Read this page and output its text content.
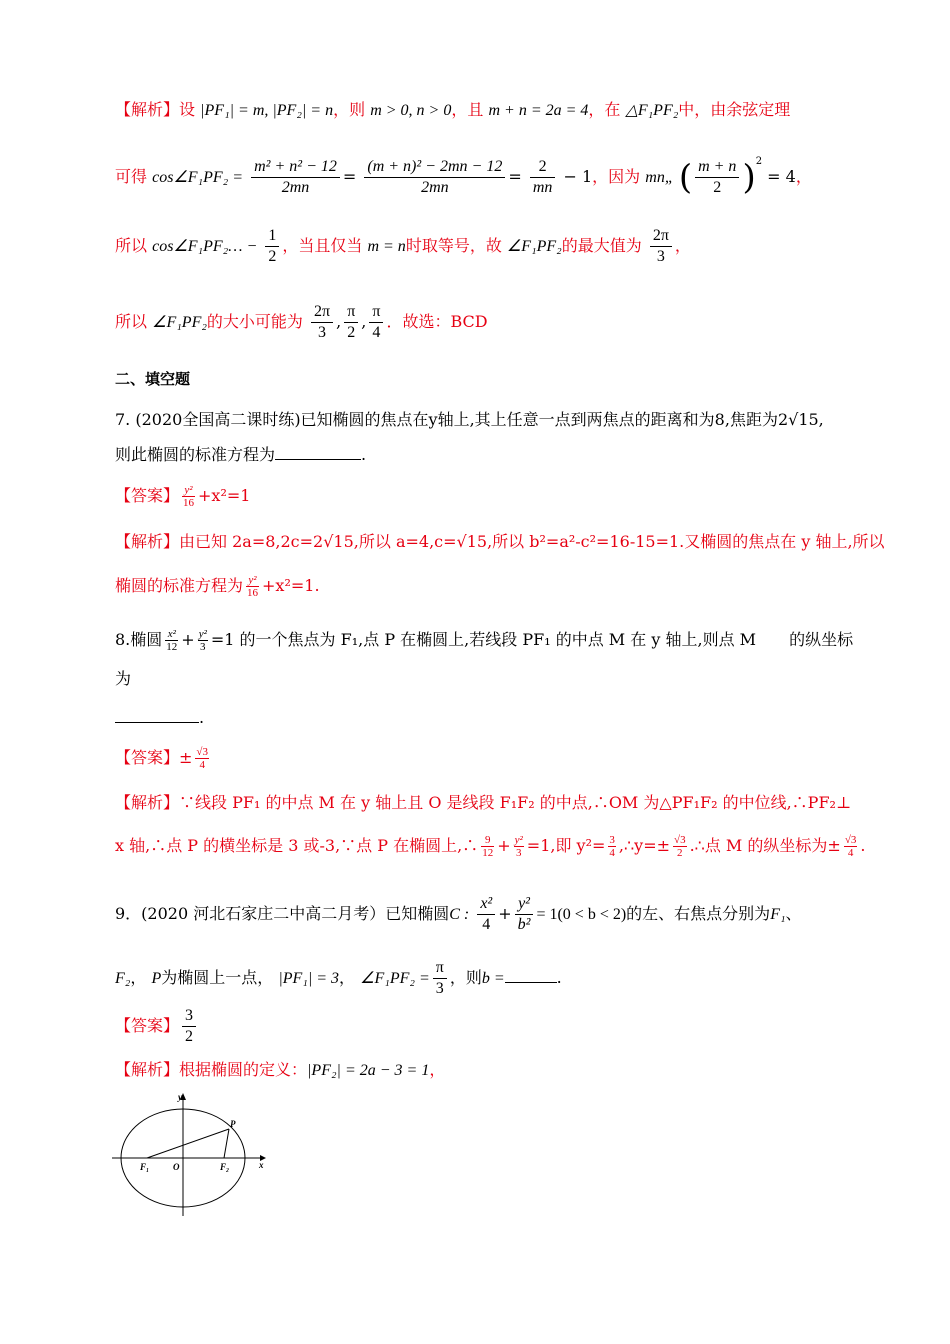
【解析】设 |PF₁| = m, |PF₂| = n，则 m > 0, n > 0，且 m + n = 2a = 4，在 △F₁PF₂中，由余弦定理
可得 cos∠F₁PF₂ = $\frac{\text{m² + n² − 12}}{2mn} = \frac{\text{(m + n)² − 2mn − 12}}{2mn} = \frac{2}{mn} - 1$，因为 mn„ ( $\frac{m + n}{2} )^2 = 4$，
所以 cos∠F₁PF₂… − $\frac{1}{2}$ ，当且仅当 m = n时取等号，故 ∠F₁PF₂的最大值为 $\frac{2\pi}{3}$ ，
所以 ∠F₁PF₂的大小可能为 $\frac{2\pi}{3}$ , $\frac{\pi}{2}$ , $\frac{\pi}{4}$ ．故选：BCD
二、填空题
7. (2020全国高二课时练)已知椭圆的焦点在y轴上,其上任意一点到两焦点的距离和为8,焦距为2√15,
则此椭圆的标准方程为	.
【答案】 $\frac{\text{y²}}{16} +x^2=1$
【解析】由已知 2a=8,2c=2√15,所以 a=4,c=√15,所以 b²=a²-c²=16-15=1.又椭圆的焦点在 y 轴上,所以
椭圆的标准方程为 $\frac{\text{y²}}{16} +x^2=1$.
8.椭圆 $\frac{\text{x²}}{12} + \frac{\text{y²}}{3} =1$ 的一个焦点为 F₁,点 P 在椭圆上,若线段 PF₁ 的中点 M 在 y 轴上,则点 M 的纵坐标
为
.
【答案】± $\frac{√3}{4}$
【解析】∵线段 PF₁ 的中点 M 在 y 轴上且 O 是线段 F₁F₂ 的中点,∴OM 为△PF₁F₂ 的中位线,∴PF₂⊥
x 轴,∴点 P 的横坐标是 3 或-3,∵点 P 在椭圆上,∴ $\frac{9}{12} + \frac{\text{y²}}{3} =1$,即 $y^2= \frac{3}{4}$ ,∴y=± $\frac{√3}{2}$ .∴点 M 的纵坐标为± $\frac{√3}{4}$ .
9．(2020 河北石家庄二中高二月考）已知椭圆C : $\frac{\text{x²}}{4} + \frac{\text{y²}}{\text{b²}} = 1(0 < b < 2)$的左、右焦点分别为F₁、
F₂， P为椭圆上一点， |PF₁| = 3， ∠F₁PF₂ = $\frac{\pi}{3}$ ，则b =	.
【答案】 $\frac{3}{2}$
【解析】根据椭圆的定义：|PF₂| = 2a − 3 = 1，
y
x
P
F₁	O	F₂
